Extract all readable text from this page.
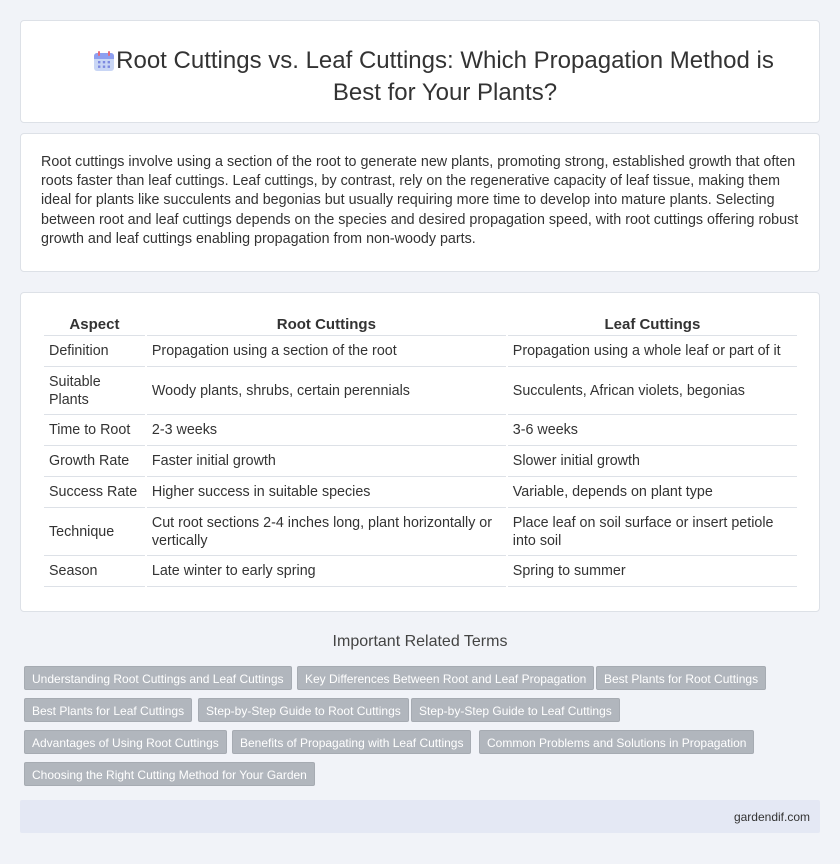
Root Cuttings vs. Leaf Cuttings: Which Propagation Method is Best for Your Plants?

Root cuttings involve using a section of the root to generate new plants, promoting strong, established growth that often roots faster than leaf cuttings. Leaf cuttings, by contrast, rely on the regenerative capacity of leaf tissue, making them ideal for plants like succulents and begonias but usually requiring more time to develop into mature plants. Selecting between root and leaf cuttings depends on the species and desired propagation speed, with root cuttings offering robust growth and leaf cuttings enabling propagation from non-woody parts.

Aspect	Root Cuttings	Leaf Cuttings
Definition	Propagation using a section of the root	Propagation using a whole leaf or part of it
Suitable Plants	Woody plants, shrubs, certain perennials	Succulents, African violets, begonias
Time to Root	2-3 weeks	3-6 weeks
Growth Rate	Faster initial growth	Slower initial growth
Success Rate	Higher success in suitable species	Variable, depends on plant type
Technique	Cut root sections 2-4 inches long, plant horizontally or vertically	Place leaf on soil surface or insert petiole into soil
Season	Late winter to early spring	Spring to summer
Important Related Terms
Understanding Root Cuttings and Leaf Cuttings	Key Differences Between Root and Leaf Propagation	Best Plants for Root Cuttings
Best Plants for Leaf Cuttings	Step-by-Step Guide to Root Cuttings	Step-by-Step Guide to Leaf Cuttings
Advantages of Using Root Cuttings	Benefits of Propagating with Leaf Cuttings	Common Problems and Solutions in Propagation
Choosing the Right Cutting Method for Your Garden
gardendif.com
